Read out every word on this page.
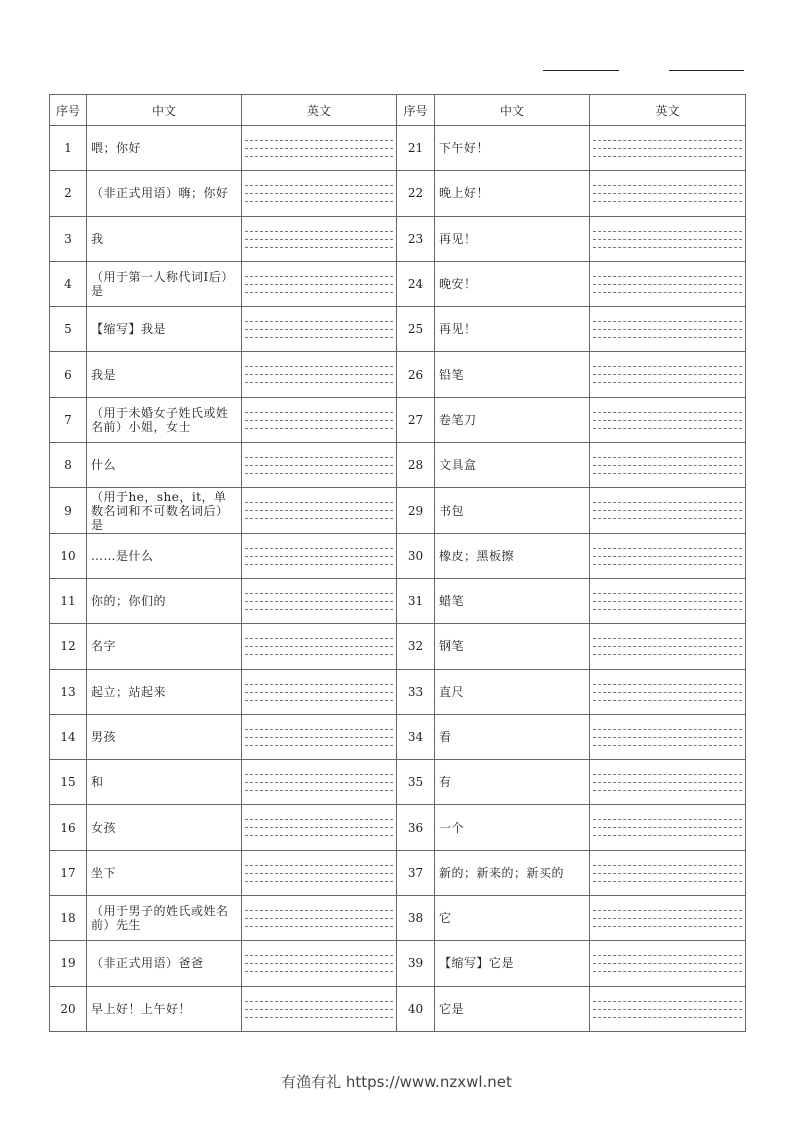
序号	中文	英文	序号	中文	英文
1	喂；你好		21	下午好！	

2	（非正式用语）嗨；你好		22	晚上好！	

3	我		23	再见！	

4	（用于第一人称代词I后）是		24	晚安！	

5	【缩写】我是		25	再见！	

6	我是		26	铅笔	

7	（用于未婚女子姓氏或姓名前）小姐，女士		27	卷笔刀	

8	什么		28	文具盒	

9	（用于he，she，it，单数名词和不可数名词后）是		29	书包	

10	……是什么		30	橡皮；黑板擦	

11	你的；你们的		31	蜡笔	

12	名字		32	钢笔	

13	起立；站起来		33	直尺	

14	男孩		34	看	

15	和		35	有	

16	女孩		36	一个	

17	坐下		37	新的；新来的；新买的	

18	（用于男子的姓氏或姓名前）先生		38	它	

19	（非正式用语）爸爸		39	【缩写】它是	

20	早上好！上午好！		40	它是	
有渔有礼 https://www.nzxwl.net
